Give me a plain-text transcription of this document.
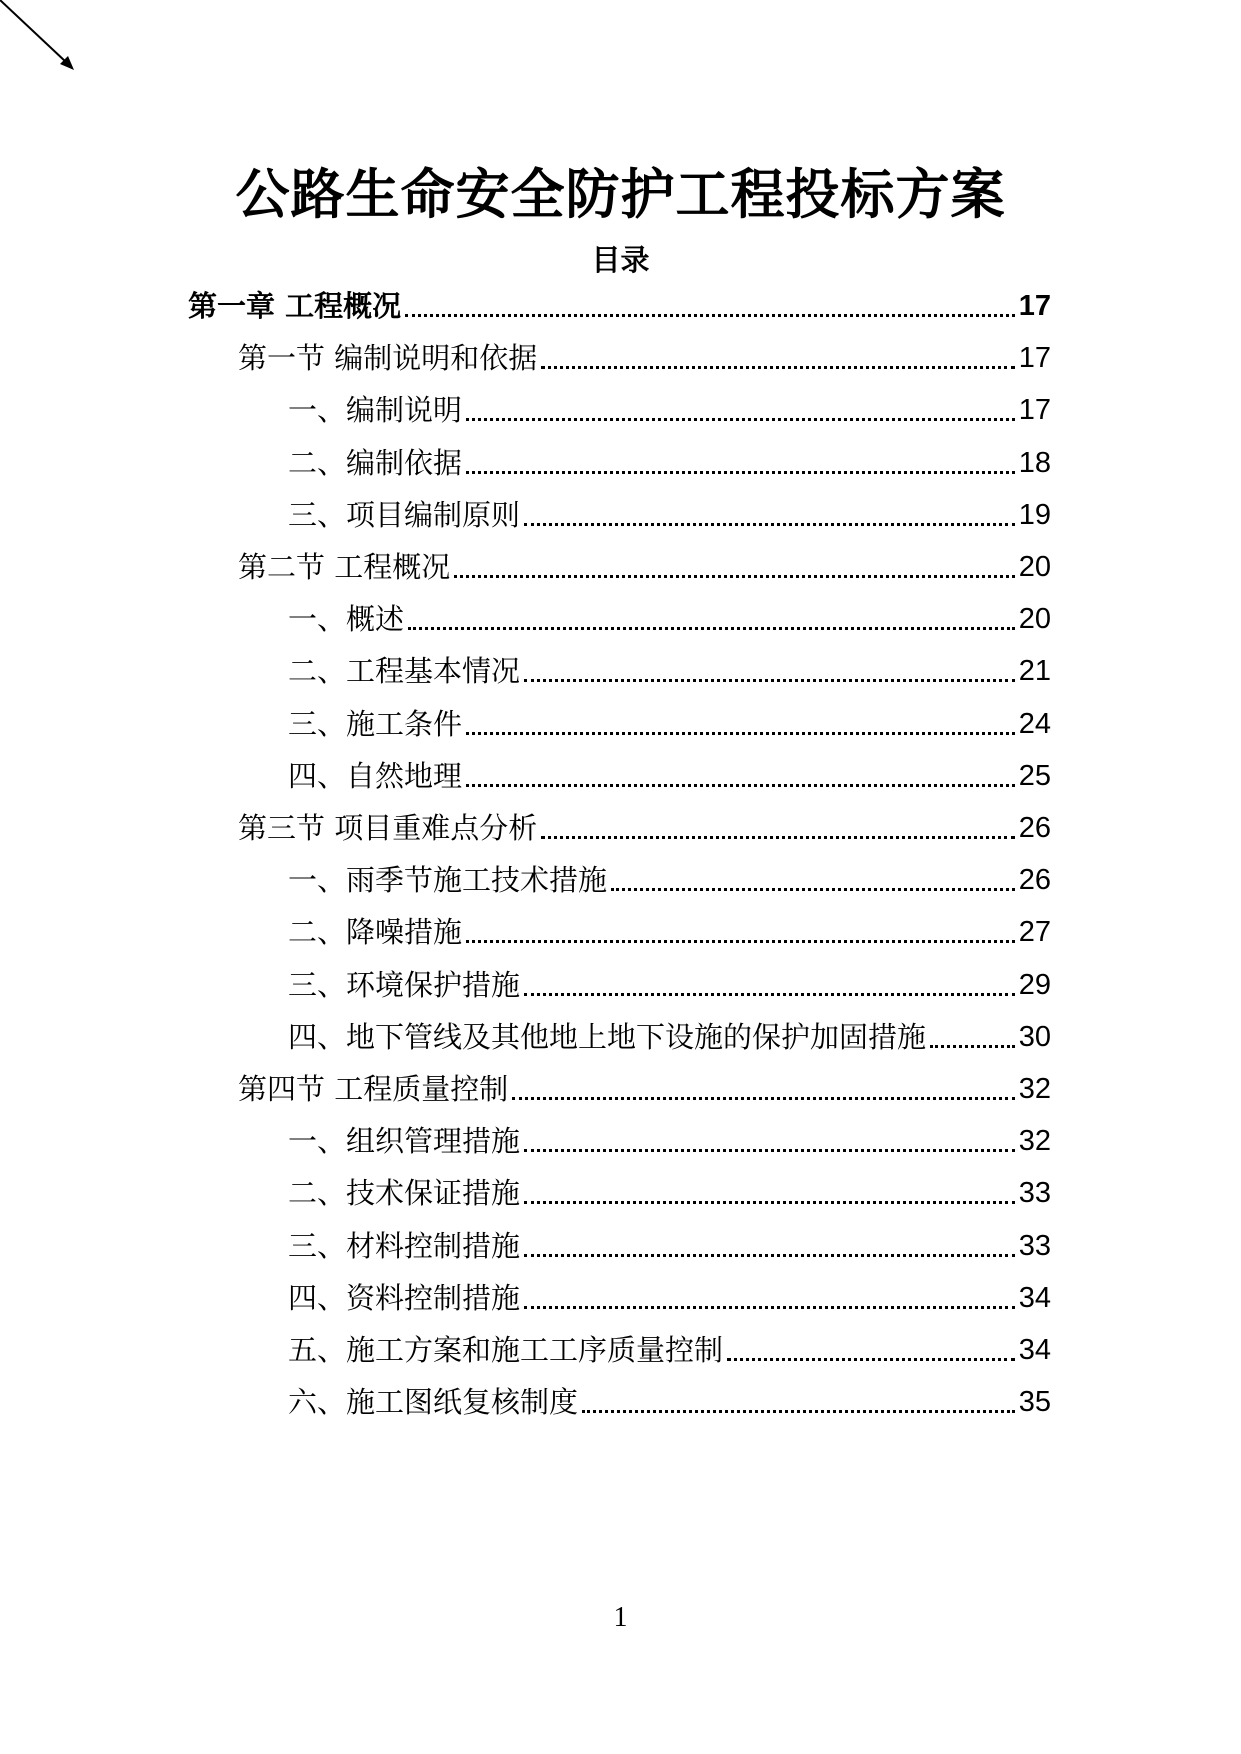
公路生命安全防护工程投标方案
目录
第一章 工程概况	17
第一节 编制说明和依据	17
一、编制说明	17
二、编制依据	18
三、项目编制原则	19
第二节 工程概况	20
一、概述	20
二、工程基本情况	21
三、施工条件	24
四、自然地理	25
第三节 项目重难点分析	26
一、雨季节施工技术措施	26
二、降噪措施	27
三、环境保护措施	29
四、地下管线及其他地上地下设施的保护加固措施	30
第四节 工程质量控制	32
一、组织管理措施	32
二、技术保证措施	33
三、材料控制措施	33
四、资料控制措施	34
五、施工方案和施工工序质量控制	34
六、施工图纸复核制度	35
1
